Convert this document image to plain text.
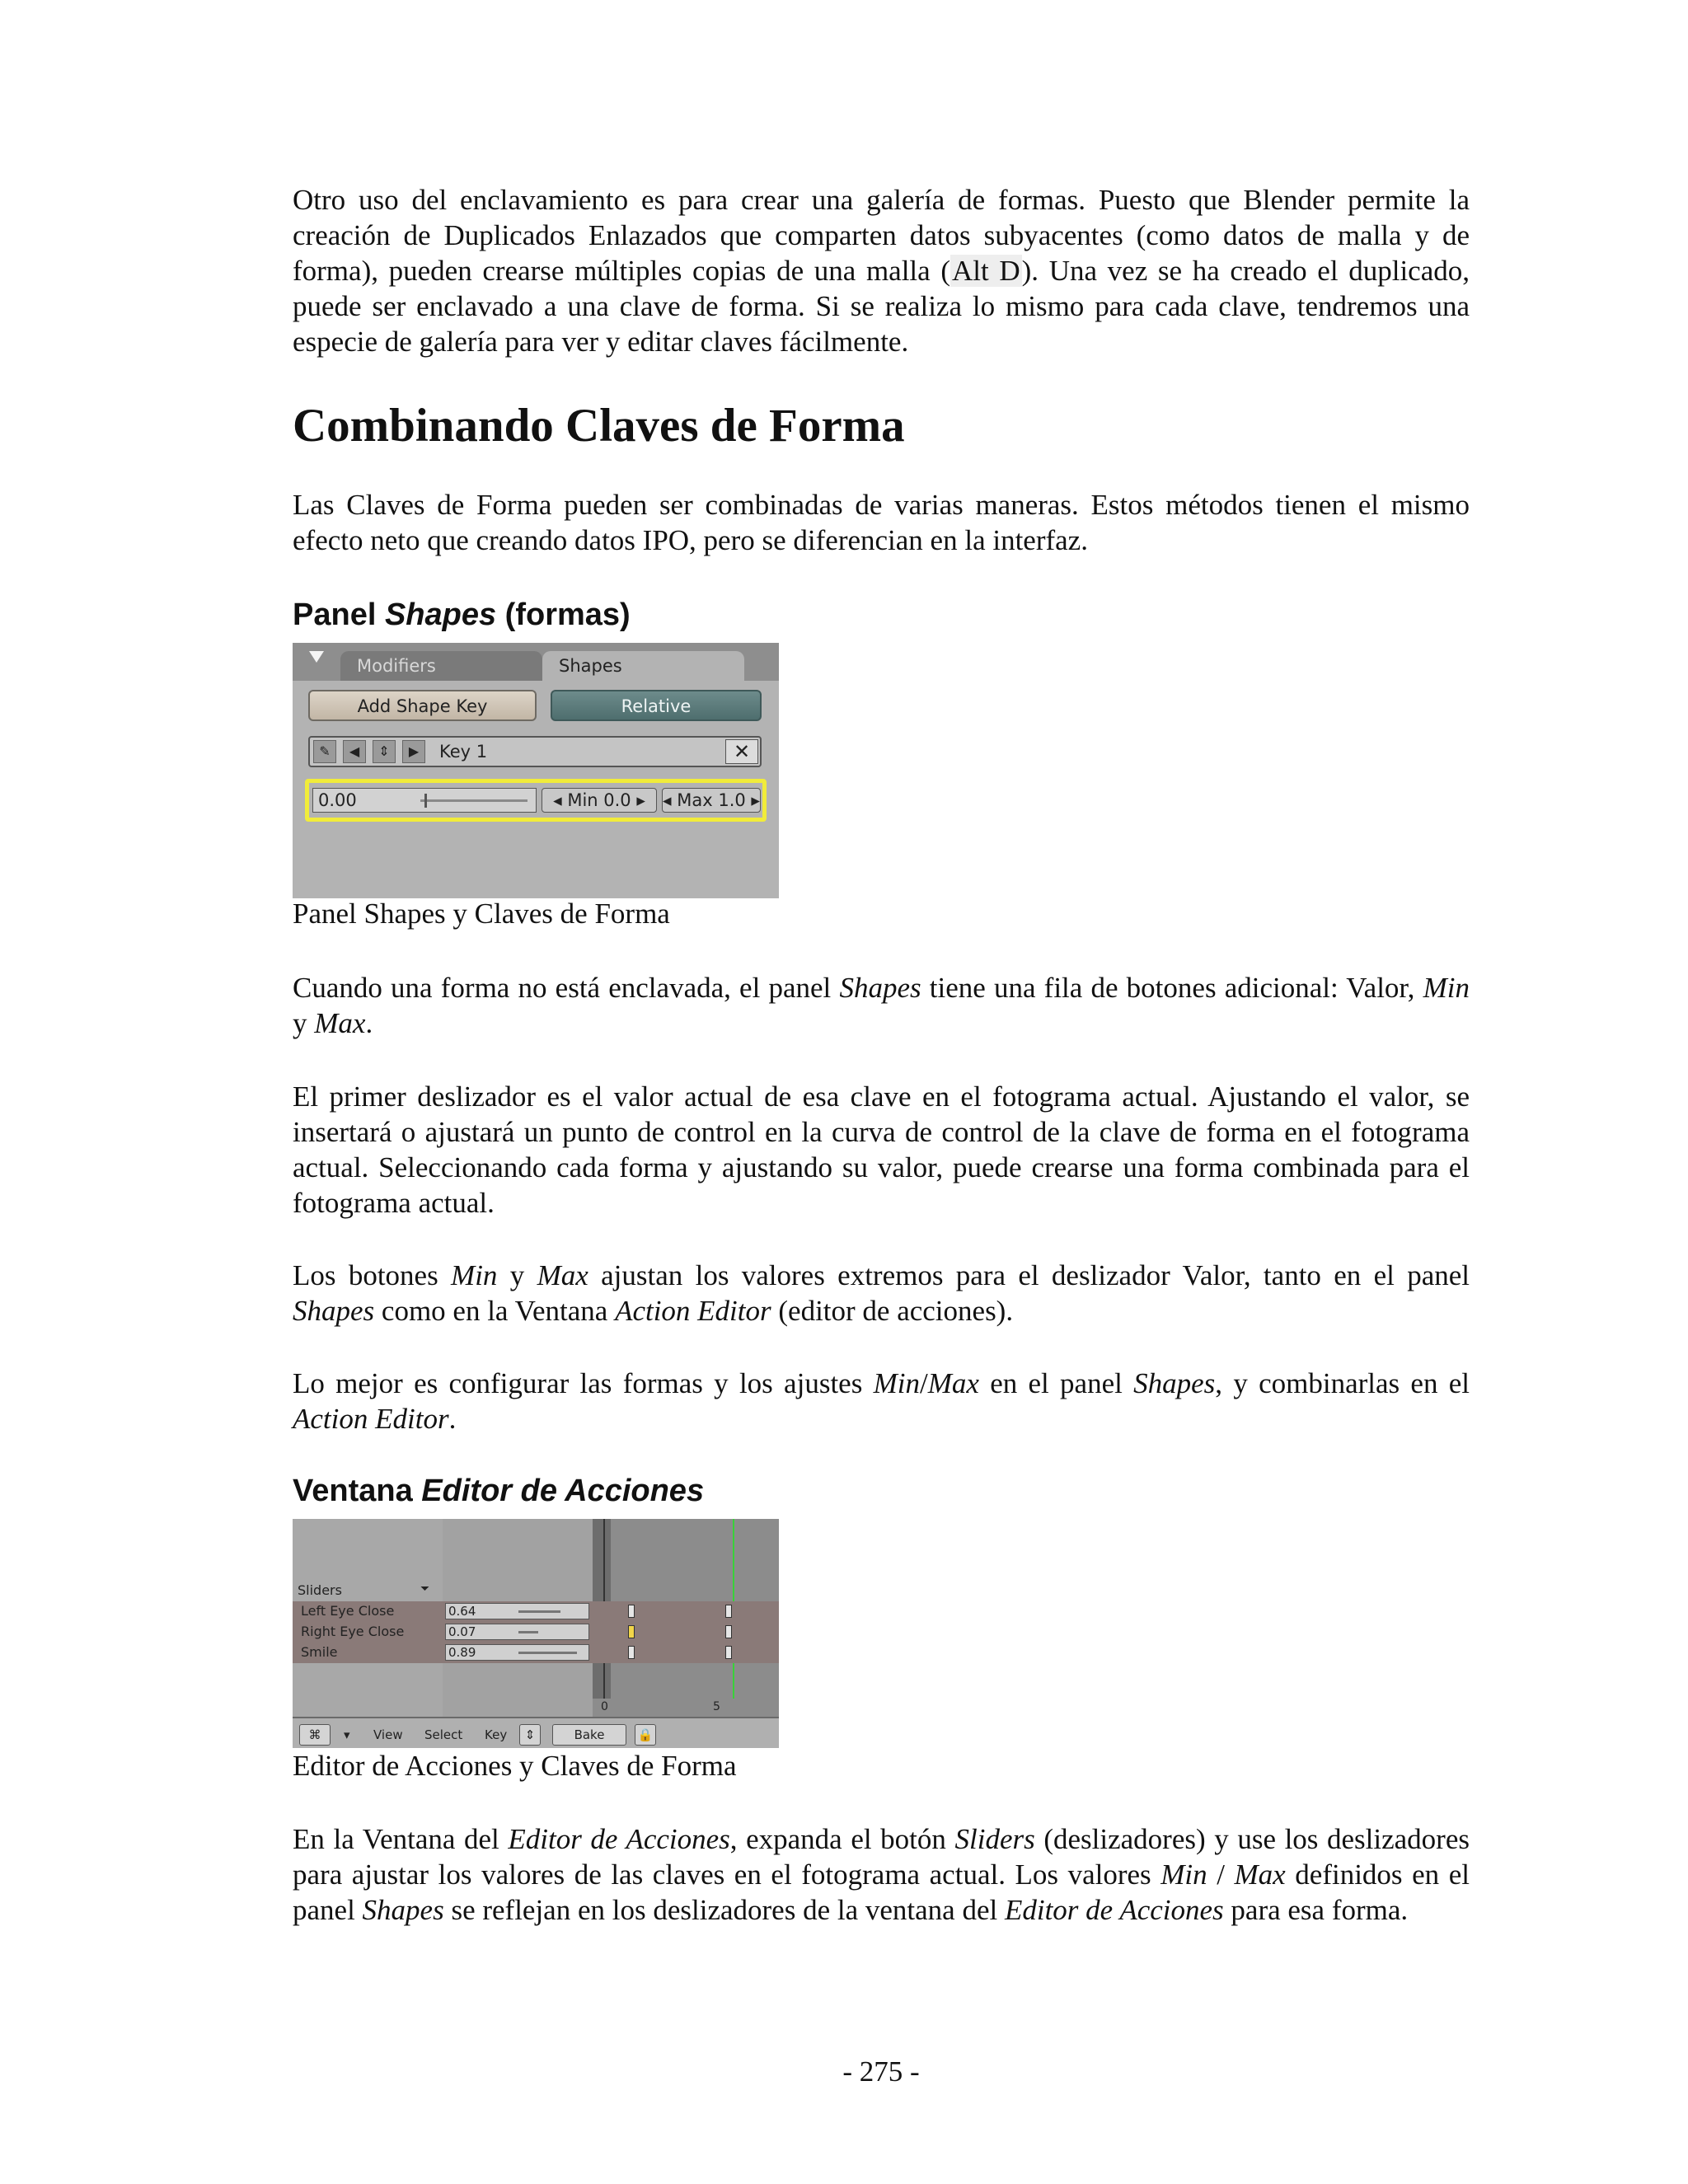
Otro uso del enclavamiento es para crear una galería de formas. Puesto que Blender permite la creación de Duplicados Enlazados que comparten datos subyacentes (como datos de malla y de forma), pueden crearse múltiples copias de una malla (Alt D). Una vez se ha creado el duplicado, puede ser enclavado a una clave de forma. Si se realiza lo mismo para cada clave, tendremos una especie de galería para ver y editar claves fácilmente.

Combinando Claves de Forma

Las Claves de Forma pueden ser combinadas de varias maneras. Estos métodos tienen el mismo efecto neto que creando datos IPO, pero se diferencian en la interfaz.

Panel Shapes (formas)
Modifiers	Shapes
Add Shape Key	Relative
✎	◀	⇕	▶	Key 1	✕
0.00	◂ Min 0.0 ▸	◂ Max 1.0 ▸

Panel Shapes y Claves de Forma

Cuando una forma no está enclavada, el panel Shapes tiene una fila de botones adicional: Valor, Min y Max.

El primer deslizador es el valor actual de esa clave en el fotograma actual. Ajustando el valor, se insertará o ajustará un punto de control en la curva de control de la clave de forma en el fotograma actual. Seleccionando cada forma y ajustando su valor, puede crearse una forma combinada para el fotograma actual.

Los botones Min y Max ajustan los valores extremos para el deslizador Valor, tanto en el panel Shapes como en la Ventana Action Editor (editor de acciones).

Lo mejor es configurar las formas y los ajustes Min/Max en el panel Shapes, y combinarlas en el Action Editor.

Ventana Editor de Acciones
Sliders	⏷
Left Eye Close	0.64
Right Eye Close	0.07
Smile	0.89
0	5
⌘	▾ View Select Key	⇕	Bake	🔒

Editor de Acciones y Claves de Forma

En la Ventana del Editor de Acciones, expanda el botón Sliders (deslizadores) y use los deslizadores para ajustar los valores de las claves en el fotograma actual. Los valores Min / Max definidos en el panel Shapes se reflejan en los deslizadores de la ventana del Editor de Acciones para esa forma.

- 275 -
